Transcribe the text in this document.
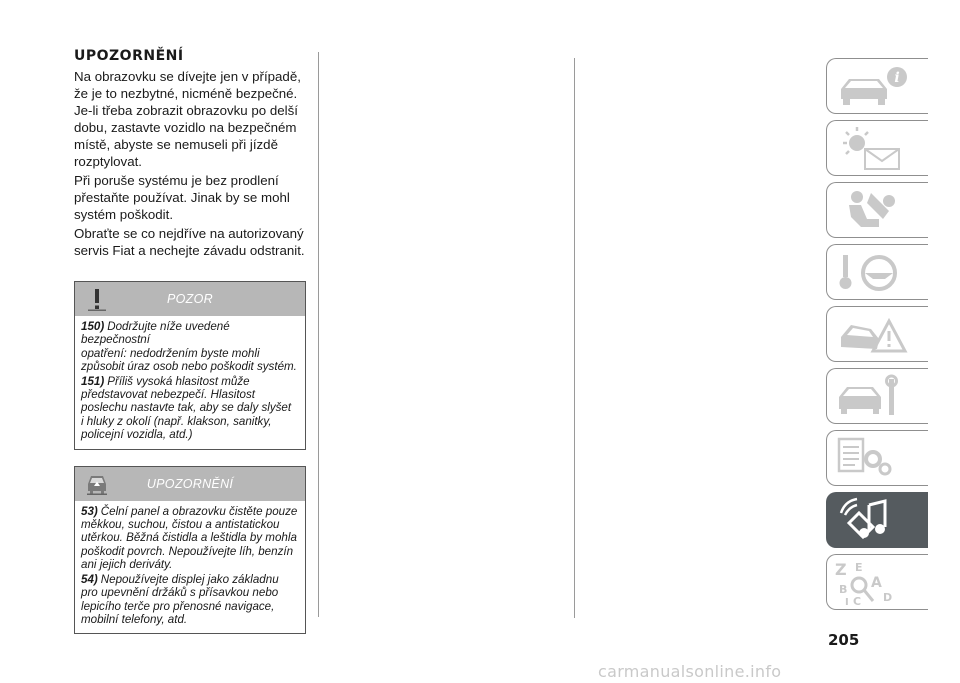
UPOZORNĚNÍ

Na obrazovku se dívejte jen v případě,
že je to nezbytné, nicméně bezpečné.
Je-li třeba zobrazit obrazovku po delší
dobu, zastavte vozidlo na bezpečném
místě, abyste se nemuseli při jízdě
rozptylovat.

Při poruše systému je bez prodlení
přestaňte používat. Jinak by se mohl
systém poškodit.

Obraťte se co nejdříve na autorizovaný
servis Fiat a nechejte závadu odstranit.

POZOR

150) Dodržujte níže uvedené bezpečnostní
opatření: nedodržením byste mohli
způsobit úraz osob nebo poškodit systém.

151) Příliš vysoká hlasitost může
představovat nebezpečí. Hlasitost
poslechu nastavte tak, aby se daly slyšet
i hluky z okolí (např. klakson, sanitky,
policejní vozidla, atd.)

UPOZORNĚNÍ

53) Čelní panel a obrazovku čistěte pouze
měkkou, suchou, čistou a antistatickou
utěrkou. Běžná čistidla a leštidla by mohla
poškodit povrch. Nepoužívejte líh, benzín
ani jejich deriváty.

54) Nepoužívejte displej jako základnu
pro upevnění držáků s přísavkou nebo
lepicího terče pro přenosné navigace,
mobilní telefony, atd.

i
Z E
B A
I C D
205
carmanualsonline.info
